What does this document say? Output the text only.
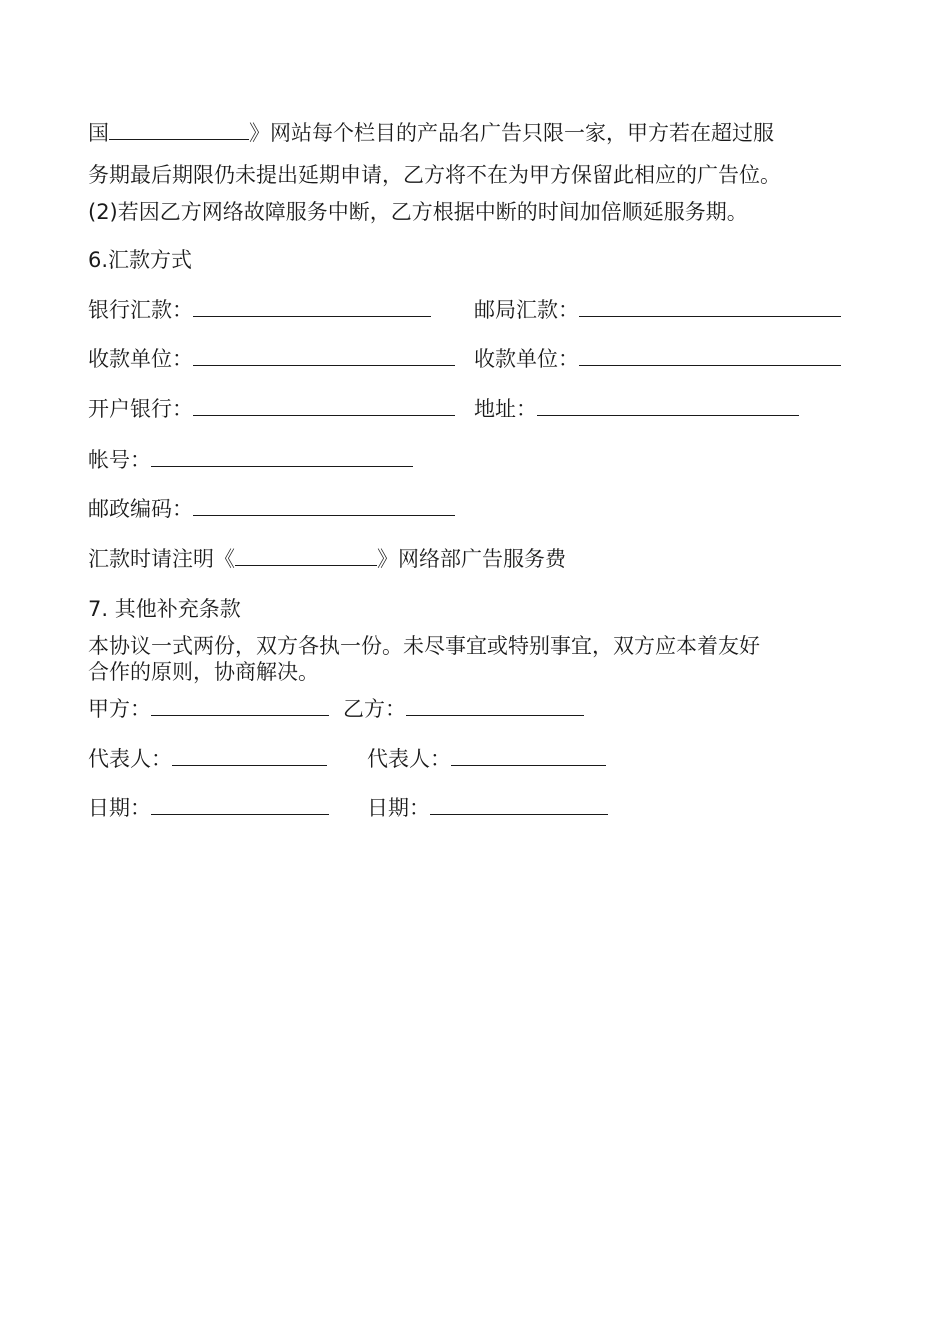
国	》网站每个栏目的产品名广告只限一家，甲方若在超过服
务期最后期限仍未提出延期申请，乙方将不在为甲方保留此相应的广告位。
(2)若因乙方网络故障服务中断，乙方根据中断的时间加倍顺延服务期。
6.汇款方式
银行汇款：	邮局汇款：
收款单位：	收款单位：
开户银行：	地址：
帐号：
邮政编码：
汇款时请注明《	》网络部广告服务费
7. 其他补充条款
本协议一式两份，双方各执一份。未尽事宜或特别事宜，双方应本着友好
合作的原则，协商解决。
甲方：	乙方：
代表人：	代表人：
日期：	日期：
